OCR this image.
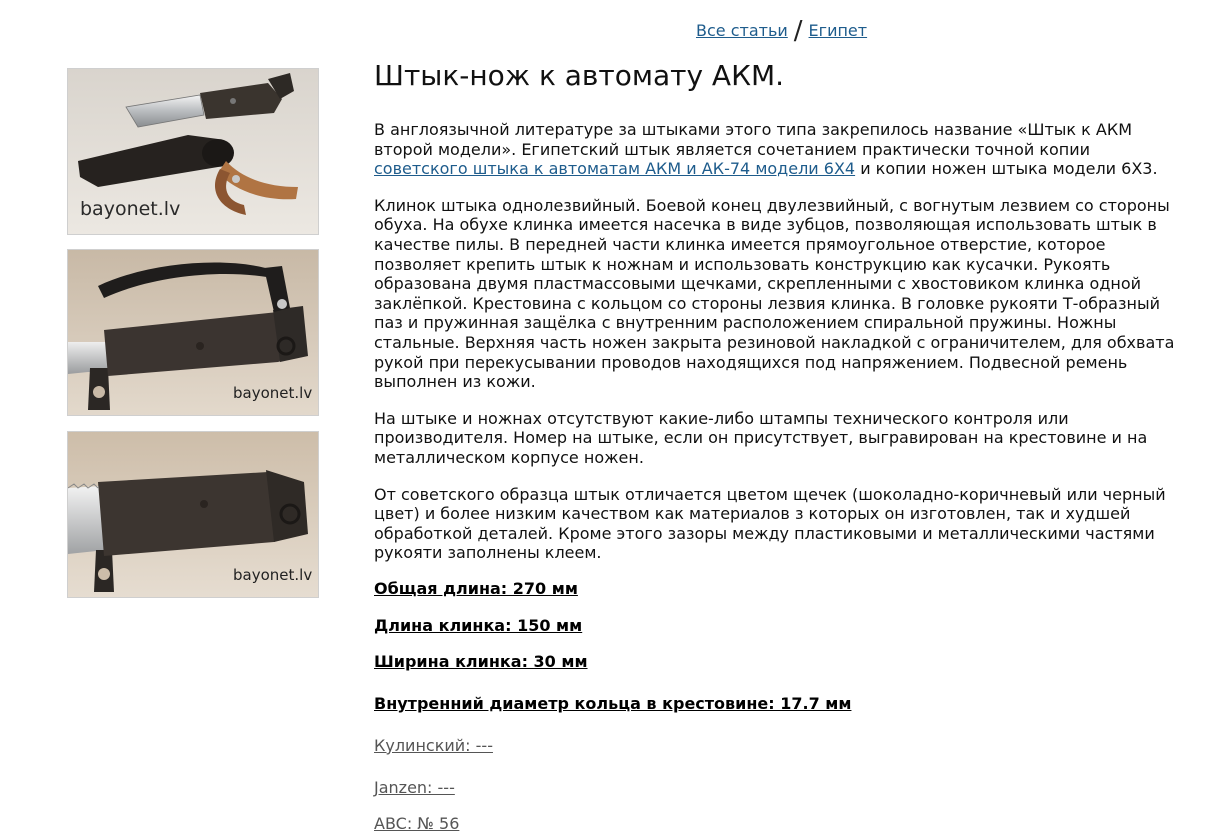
Все статьи / Египет
bayonet.lv
bayonet.lv
bayonet.lv
Штык-нож к автомату АКМ.

В англоязычной литературе за штыками этого типа закрепилось название «Штык к АКМ второй модели». Египетский штык является сочетанием практически точной копии советского штыка к автоматам АКМ и АК-74 модели 6Х4 и копии ножен штыка модели 6Х3.

Клинок штыка однолезвийный. Боевой конец двулезвийный, с вогнутым лезвием со стороны обуха. На обухе клинка имеется насечка в виде зубцов, позволяющая использовать штык в качестве пилы. В передней части клинка имеется прямоугольное отверстие, которое позволяет крепить штык к ножнам и использовать конструкцию как кусачки. Рукоять образована двумя пластмассовыми щечками, скрепленными с хвостовиком клинка одной заклёпкой. Крестовина с кольцом со стороны лезвия клинка. В головке рукояти Т-образный паз и пружинная защёлка с внутренним расположением спиральной пружины. Ножны стальные. Верхняя часть ножен закрыта резиновой накладкой с ограничителем, для обхвата рукой при перекусывании проводов находящихся под напряжением. Подвесной ремень выполнен из кожи.

На штыке и ножнах отсутствуют какие-либо штампы технического контроля или производителя. Номер на штыке, если он присутствует, выгравирован на крестовине и на металлическом корпусе ножен.

От советского образца штык отличается цветом щечек (шоколадно-коричневый или черный цвет) и более низким качеством как материалов з которых он изготовлен, так и худшей обработкой деталей. Кроме этого зазоры между пластиковыми и металлическими частями рукояти заполнены клеем.

Общая длина: 270 мм

Длина клинка: 150 мм

Ширина клинка: 30 мм

Внутренний диаметр кольца в крестовине: 17.7 мм

Кулинский: ---

Janzen: ---

ABC: № 56
